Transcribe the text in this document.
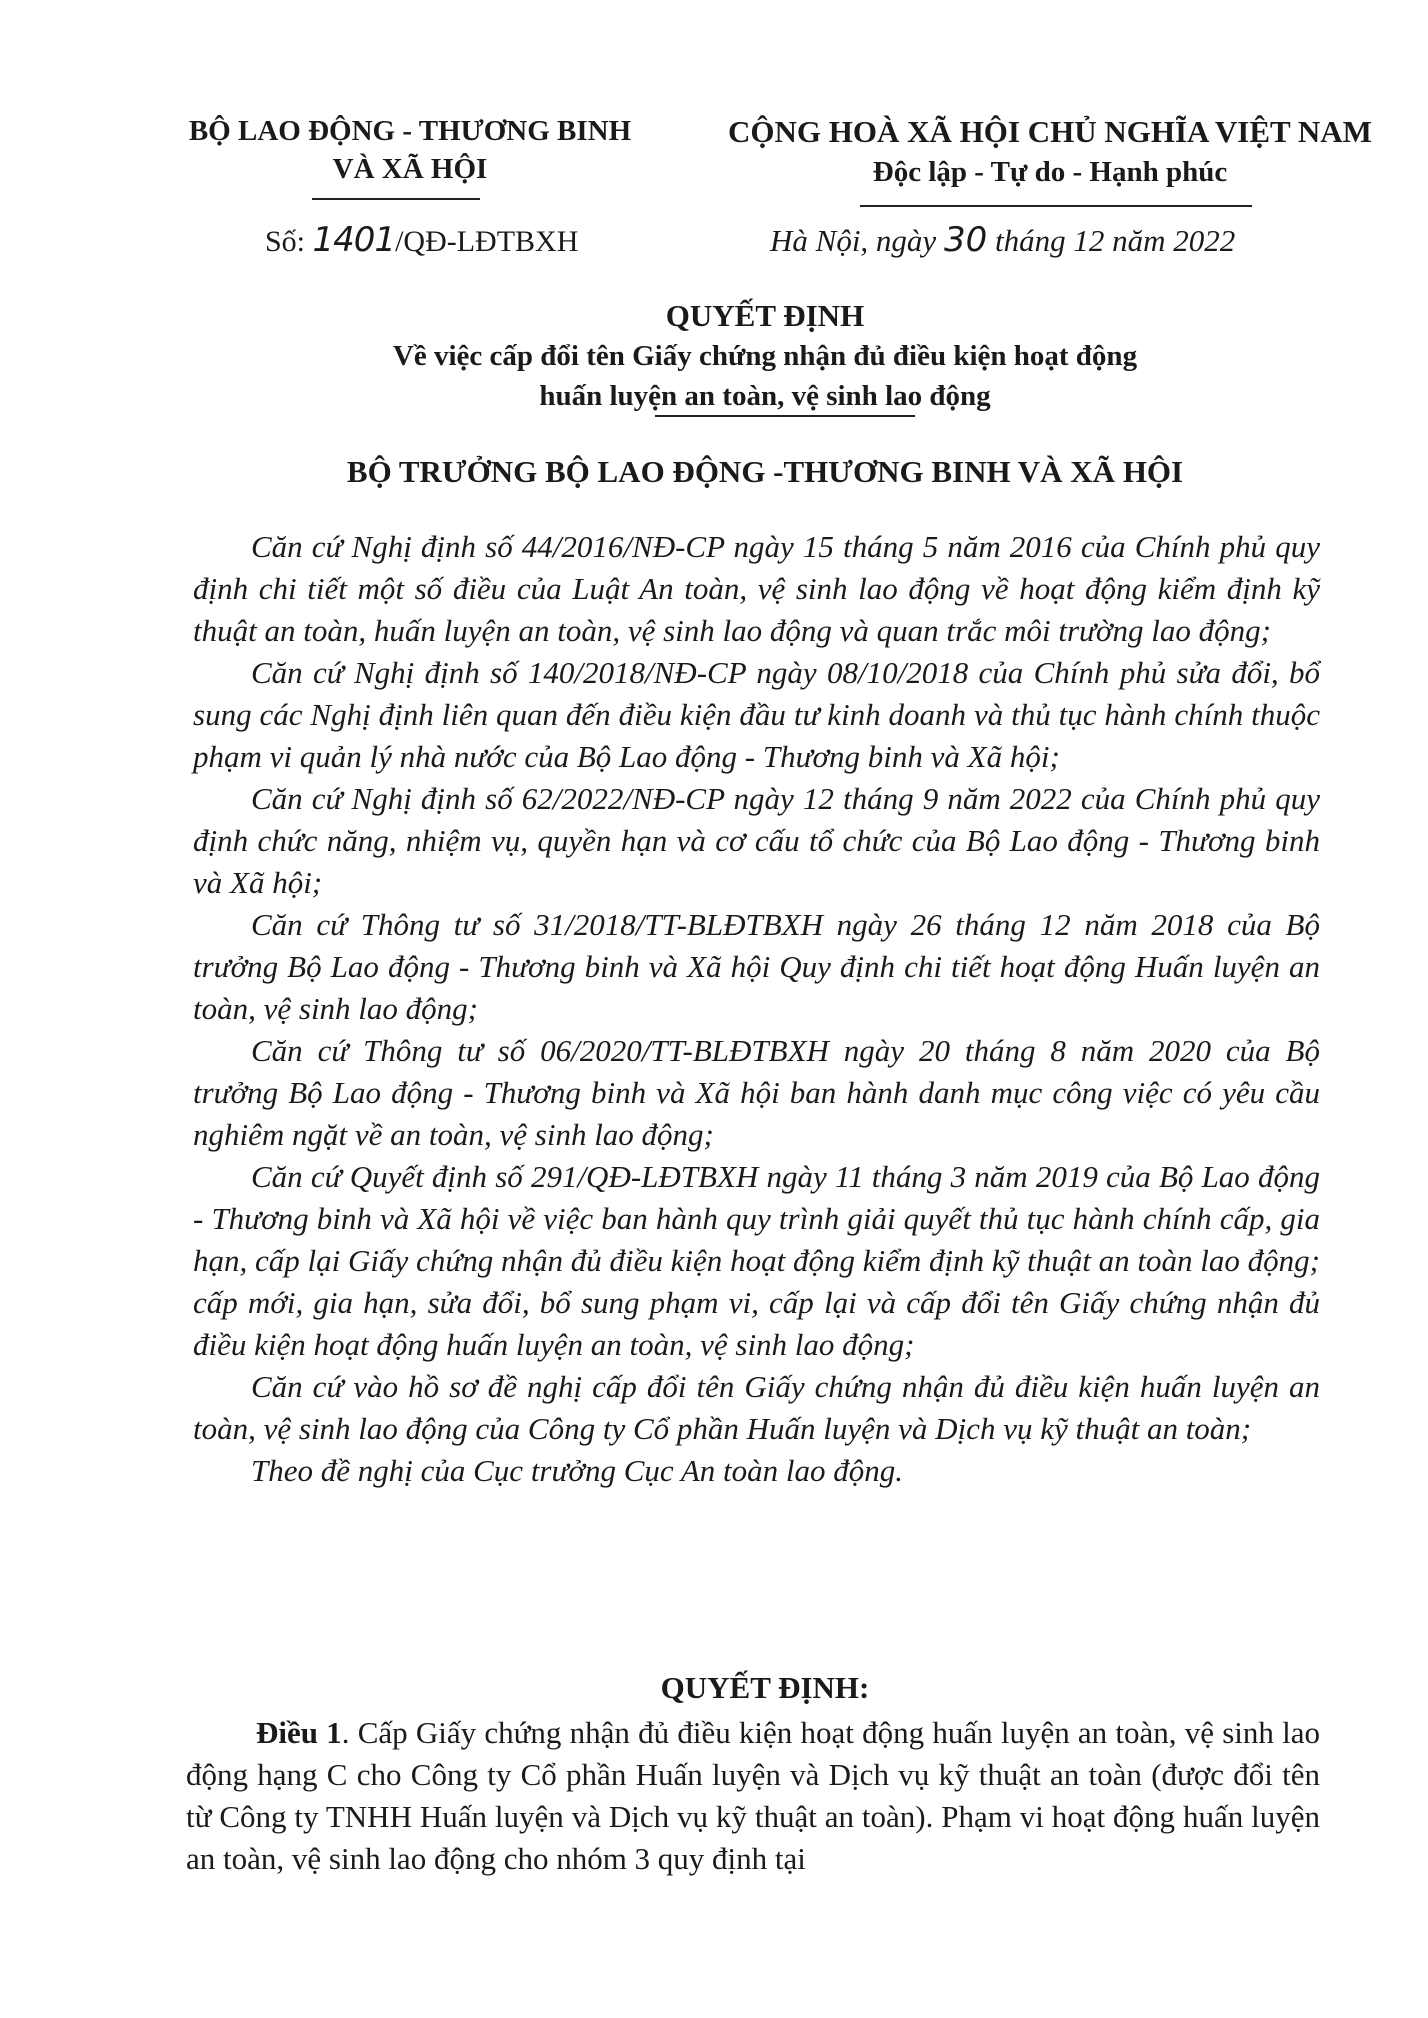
BỘ LAO ĐỘNG - THƯƠNG BINH
VÀ XÃ HỘI
CỘNG HOÀ XÃ HỘI CHỦ NGHĨA VIỆT NAM
Độc lập - Tự do - Hạnh phúc
Số: 1401/QĐ-LĐTBXH	Hà Nội, ngày 30 tháng 12 năm 2022
QUYẾT ĐỊNH
Về việc cấp đổi tên Giấy chứng nhận đủ điều kiện hoạt động
huấn luyện an toàn, vệ sinh lao động
BỘ TRƯỞNG BỘ LAO ĐỘNG -THƯƠNG BINH VÀ XÃ HỘI

Căn cứ Nghị định số 44/2016/NĐ-CP ngày 15 tháng 5 năm 2016 của Chính phủ quy định chi tiết một số điều của Luật An toàn, vệ sinh lao động về hoạt động kiểm định kỹ thuật an toàn, huấn luyện an toàn, vệ sinh lao động và quan trắc môi trường lao động;

Căn cứ Nghị định số 140/2018/NĐ-CP ngày 08/10/2018 của Chính phủ sửa đổi, bổ sung các Nghị định liên quan đến điều kiện đầu tư kinh doanh và thủ tục hành chính thuộc phạm vi quản lý nhà nước của Bộ Lao động - Thương binh và Xã hội;

Căn cứ Nghị định số 62/2022/NĐ-CP ngày 12 tháng 9 năm 2022 của Chính phủ quy định chức năng, nhiệm vụ, quyền hạn và cơ cấu tổ chức của Bộ Lao động - Thương binh và Xã hội;

Căn cứ Thông tư số 31/2018/TT-BLĐTBXH ngày 26 tháng 12 năm 2018 của Bộ trưởng Bộ Lao động - Thương binh và Xã hội Quy định chi tiết hoạt động Huấn luyện an toàn, vệ sinh lao động;

Căn cứ Thông tư số 06/2020/TT-BLĐTBXH ngày 20 tháng 8 năm 2020 của Bộ trưởng Bộ Lao động - Thương binh và Xã hội ban hành danh mục công việc có yêu cầu nghiêm ngặt về an toàn, vệ sinh lao động;

Căn cứ Quyết định số 291/QĐ-LĐTBXH ngày 11 tháng 3 năm 2019 của Bộ Lao động - Thương binh và Xã hội về việc ban hành quy trình giải quyết thủ tục hành chính cấp, gia hạn, cấp lại Giấy chứng nhận đủ điều kiện hoạt động kiểm định kỹ thuật an toàn lao động; cấp mới, gia hạn, sửa đổi, bổ sung phạm vi, cấp lại và cấp đổi tên Giấy chứng nhận đủ điều kiện hoạt động huấn luyện an toàn, vệ sinh lao động;

Căn cứ vào hồ sơ đề nghị cấp đổi tên Giấy chứng nhận đủ điều kiện huấn luyện an toàn, vệ sinh lao động của Công ty Cổ phần Huấn luyện và Dịch vụ kỹ thuật an toàn;

Theo đề nghị của Cục trưởng Cục An toàn lao động.

QUYẾT ĐỊNH:

Điều 1. Cấp Giấy chứng nhận đủ điều kiện hoạt động huấn luyện an toàn, vệ sinh lao động hạng C cho Công ty Cổ phần Huấn luyện và Dịch vụ kỹ thuật an toàn (được đổi tên từ Công ty TNHH Huấn luyện và Dịch vụ kỹ thuật an toàn). Phạm vi hoạt động huấn luyện an toàn, vệ sinh lao động cho nhóm 3 quy định tại
